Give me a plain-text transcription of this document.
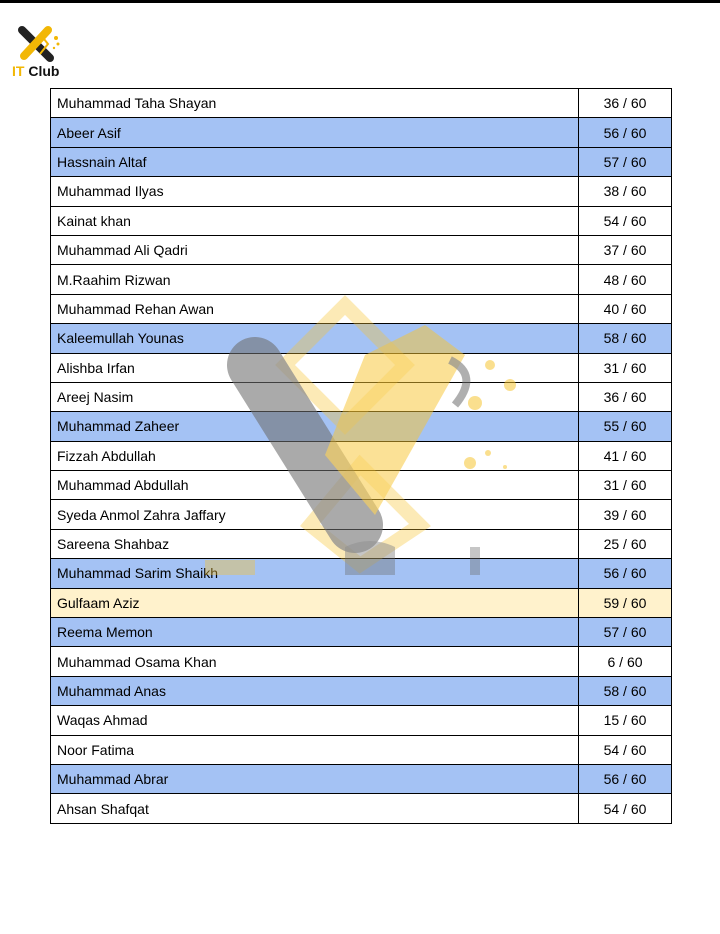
IT Club
Muhammad Taha Shayan	36 / 60
Abeer Asif	56 / 60
Hassnain Altaf	57 / 60
Muhammad Ilyas	38 / 60
Kainat khan	54 / 60
Muhammad Ali Qadri	37 / 60
M.Raahim Rizwan	48 / 60
Muhammad Rehan Awan	40 / 60
Kaleemullah Younas	58 / 60
Alishba Irfan	31 / 60
Areej Nasim	36 / 60
Muhammad Zaheer	55 / 60
Fizzah Abdullah	41 / 60
Muhammad Abdullah	31 / 60
Syeda Anmol Zahra Jaffary	39 / 60
Sareena Shahbaz	25 / 60
Muhammad Sarim Shaikh	56 / 60
Gulfaam Aziz	59 / 60
Reema Memon	57 / 60
Muhammad Osama Khan	6 / 60
Muhammad Anas	58 / 60
Waqas Ahmad	15 / 60
Noor Fatima	54 / 60
Muhammad Abrar	56 / 60
Ahsan Shafqat	54 / 60
